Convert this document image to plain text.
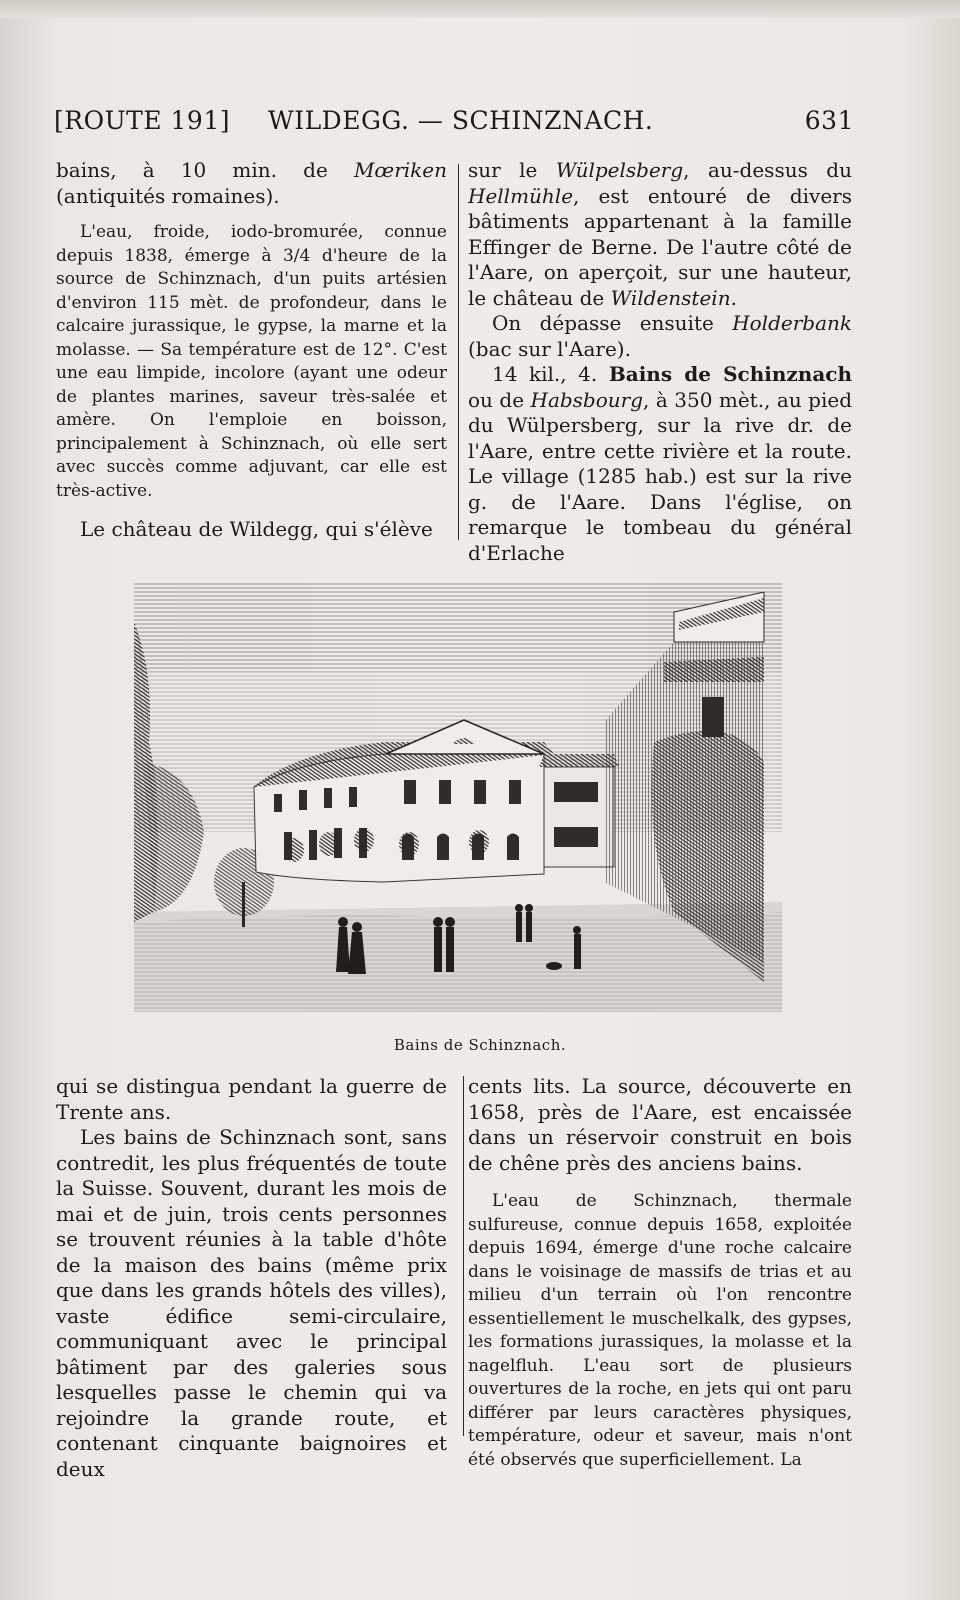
[ROUTE 191] WILDEGG. — SCHINZNACH.	631

bains, à 10 min. de Mœriken (antiquités romaines).

L'eau, froide, iodo-bromurée, connue depuis 1838, émerge à 3/4 d'heure de la source de Schinznach, d'un puits artésien d'environ 115 mèt. de profondeur, dans le calcaire jurassique, le gypse, la marne et la molasse. — Sa température est de 12°. C'est une eau limpide, incolore (ayant une odeur de plantes marines, saveur très-salée et amère. On l'emploie en boisson, principalement à Schinznach, où elle sert avec succès comme adjuvant, car elle est très-active.

Le château de Wildegg, qui s'élève

sur le Wülpelsberg, au-dessus du Hellmühle, est entouré de divers bâtiments appartenant à la famille Effinger de Berne. De l'autre côté de l'Aare, on aperçoit, sur une hauteur, le château de Wildenstein.

On dépasse ensuite Holderbank (bac sur l'Aare).

14 kil., 4. Bains de Schinznach ou de Habsbourg, à 350 mèt., au pied du Wülpersberg, sur la rive dr. de l'Aare, entre cette rivière et la route. Le village (1285 hab.) est sur la rive g. de l'Aare. Dans l'église, on remarque le tombeau du général d'Erlache

Bains de Schinznach.

qui se distingua pendant la guerre de Trente ans.

Les bains de Schinznach sont, sans contredit, les plus fréquentés de toute la Suisse. Souvent, durant les mois de mai et de juin, trois cents personnes se trouvent réunies à la table d'hôte de la maison des bains (même prix que dans les grands hôtels des villes), vaste édifice semi-circulaire, communiquant avec le principal bâtiment par des galeries sous lesquelles passe le chemin qui va rejoindre la grande route, et contenant cinquante baignoires et deux

cents lits. La source, découverte en 1658, près de l'Aare, est encaissée dans un réservoir construit en bois de chêne près des anciens bains.

L'eau de Schinznach, thermale sulfureuse, connue depuis 1658, exploitée depuis 1694, émerge d'une roche calcaire dans le voisinage de massifs de trias et au milieu d'un terrain où l'on rencontre essentiellement le muschelkalk, des gypses, les formations jurassiques, la molasse et la nagelfluh. L'eau sort de plusieurs ouvertures de la roche, en jets qui ont paru différer par leurs caractères physiques, température, odeur et saveur, mais n'ont été observés que superficiellement. La
